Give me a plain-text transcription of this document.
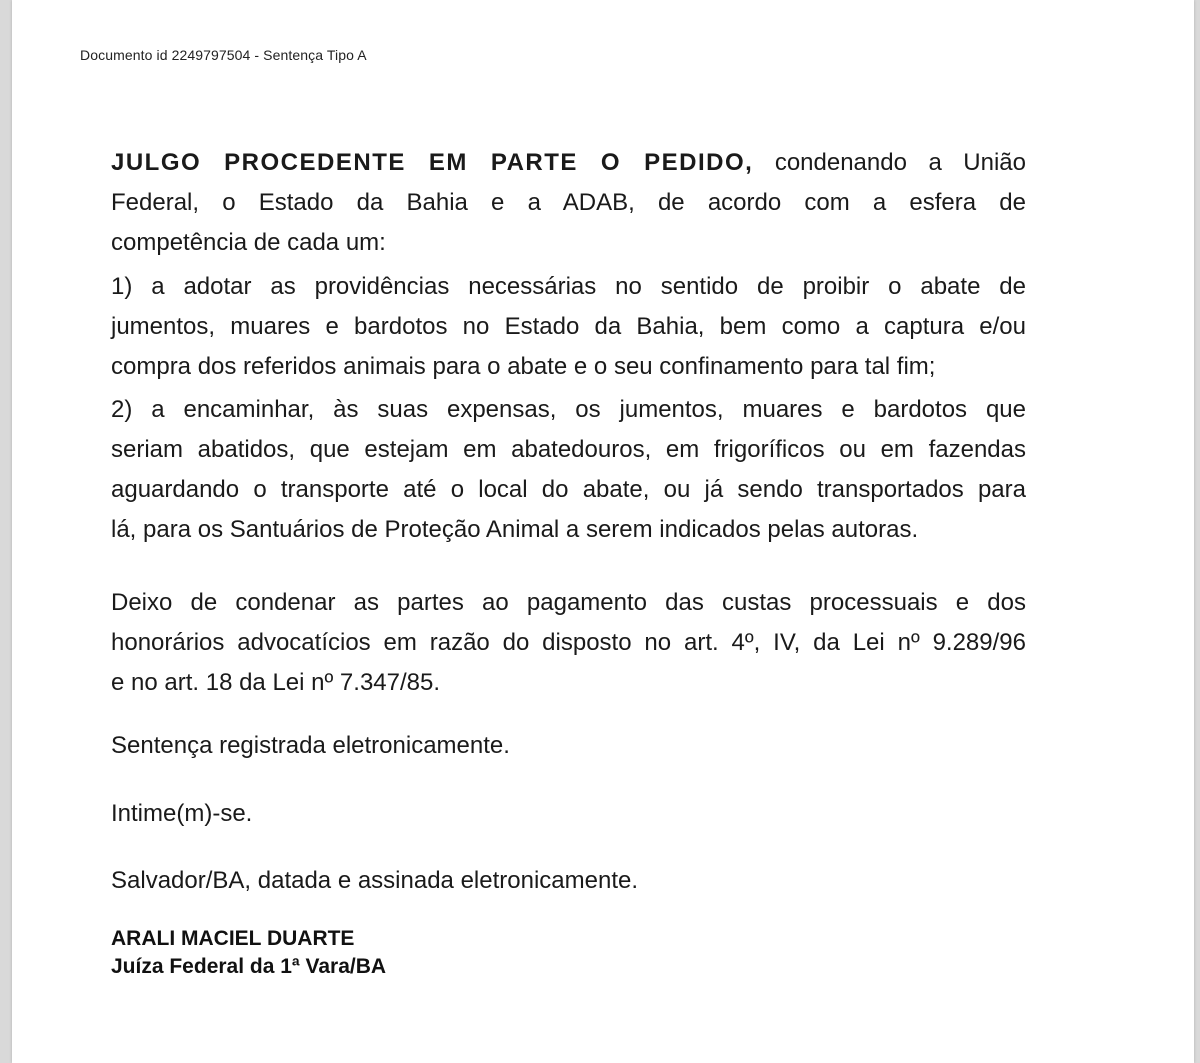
Documento id 2249797504 - Sentença Tipo A
JULGO PROCEDENTE EM PARTE O PEDIDO, condenando a União
Federal, o Estado da Bahia e a ADAB, de acordo com a esfera de
competência de cada um:
1) a adotar as providências necessárias no sentido de proibir o abate de
jumentos, muares e bardotos no Estado da Bahia, bem como a captura e/ou
compra dos referidos animais para o abate e o seu confinamento para tal fim;
2) a encaminhar, às suas expensas, os jumentos, muares e bardotos que
seriam abatidos, que estejam em abatedouros, em frigoríficos ou em fazendas
aguardando o transporte até o local do abate, ou já sendo transportados para
lá, para os Santuários de Proteção Animal a serem indicados pelas autoras.
Deixo de condenar as partes ao pagamento das custas processuais e dos
honorários advocatícios em razão do disposto no art. 4º, IV, da Lei nº 9.289/96
e no art. 18 da Lei nº 7.347/85.
Sentença registrada eletronicamente.
Intime(m)-se.
Salvador/BA, datada e assinada eletronicamente.
ARALI MACIEL DUARTE
Juíza Federal da 1ª Vara/BA
